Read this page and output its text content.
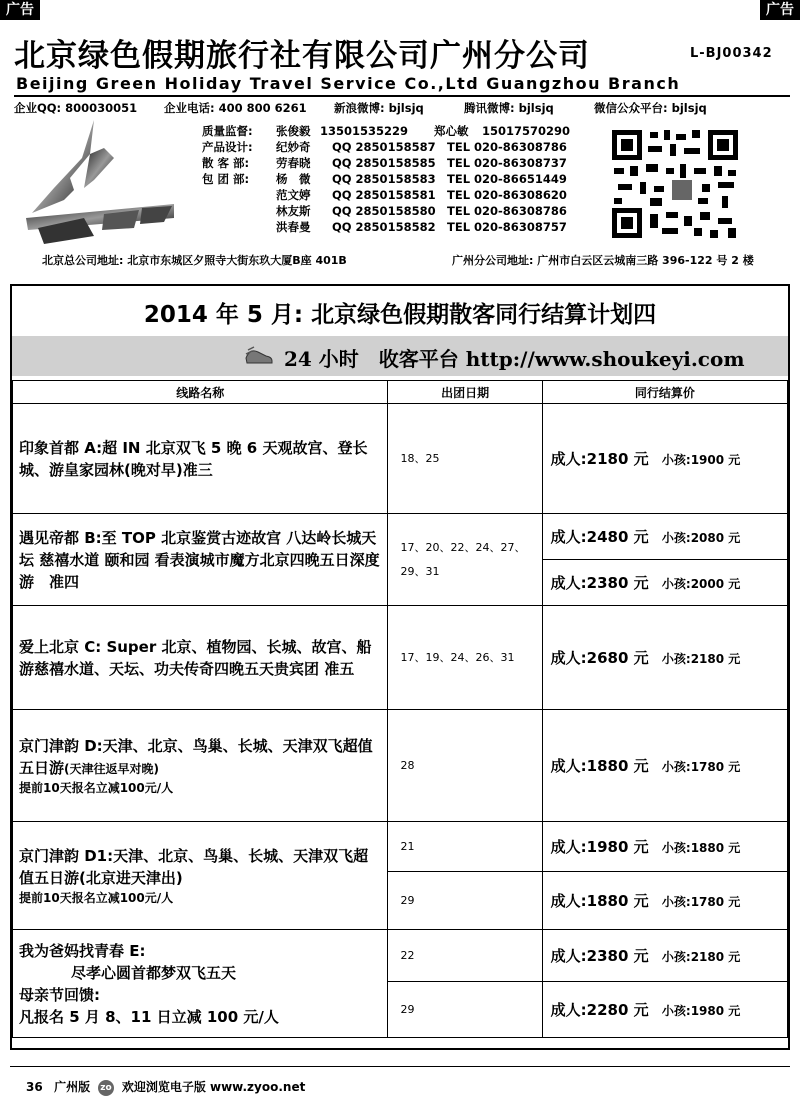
广告	广告
北京绿色假期旅行社有限公司广州分公司	L-BJ00342
Beijing Green Holiday Travel Service Co.,Ltd Guangzhou Branch
企业QQ: 800030051 企业电话: 400 800 6261 新浪微博: bjlsjq	腾讯微博: bjlsjq	微信公众平台: bjlsjq
质量监督: 张俊毅 13501535229 郑心敏 15017570290
产品设计: 纪妙奇 QQ 2850158587 TEL 020-86308786
散 客 部: 劳春晓 QQ 2850158585 TEL 020-86308737
包 团 部: 杨　微 QQ 2850158583 TEL 020-86651449
范文婷 QQ 2850158581 TEL 020-86308620
林友斯 QQ 2850158580 TEL 020-86308786
洪春曼 QQ 2850158582 TEL 020-86308757
北京总公司地址: 北京市东城区夕照寺大街东玖大厦B座 401B	广州分公司地址: 广州市白云区云城南三路 396-122 号 2 楼
2014 年 5 月: 北京绿色假期散客同行结算计划四
24 小时　收客平台 http://www.shoukeyi.com
线路名称	出团日期	同行结算价
印象首都 A:超 IN 北京双飞 5 晚 6 天观故宫、登长城、游皇家园林(晚对早)准三	18、25	成人:2180 元 小孩:1900 元
遇见帝都 B:至 TOP 北京鉴赏古迹故宫 八达岭长城天坛 慈禧水道 颐和园 看表演城市魔方北京四晚五日深度游　准四	17、20、22、24、27、29、31	成人:2480 元 小孩:2080 元
		成人:2380 元 小孩:2000 元
爱上北京 C: Super 北京、植物园、长城、故宫、船游慈禧水道、天坛、功夫传奇四晚五天贵宾团 准五	17、19、24、26、31	成人:2680 元 小孩:2180 元
京门津韵 D:天津、北京、鸟巢、长城、天津双飞超值五日游(天津往返早对晚)
提前10天报名立减100元/人	28	成人:1880 元 小孩:1780 元
京门津韵 D1:天津、北京、鸟巢、长城、天津双飞超值五日游(北京进天津出)
提前10天报名立减100元/人	21	成人:1980 元 小孩:1880 元
	29	成人:1880 元 小孩:1780 元

我为爸妈找青春 E:
尽孝心圆首都梦双飞五天
母亲节回馈:
凡报名 5 月 8、11 日立减 100 元/人	22	成人:2380 元 小孩:2180 元
	29	成人:2280 元 小孩:1980 元
36 广州版 zo 欢迎浏览电子版 www.zyoo.net
